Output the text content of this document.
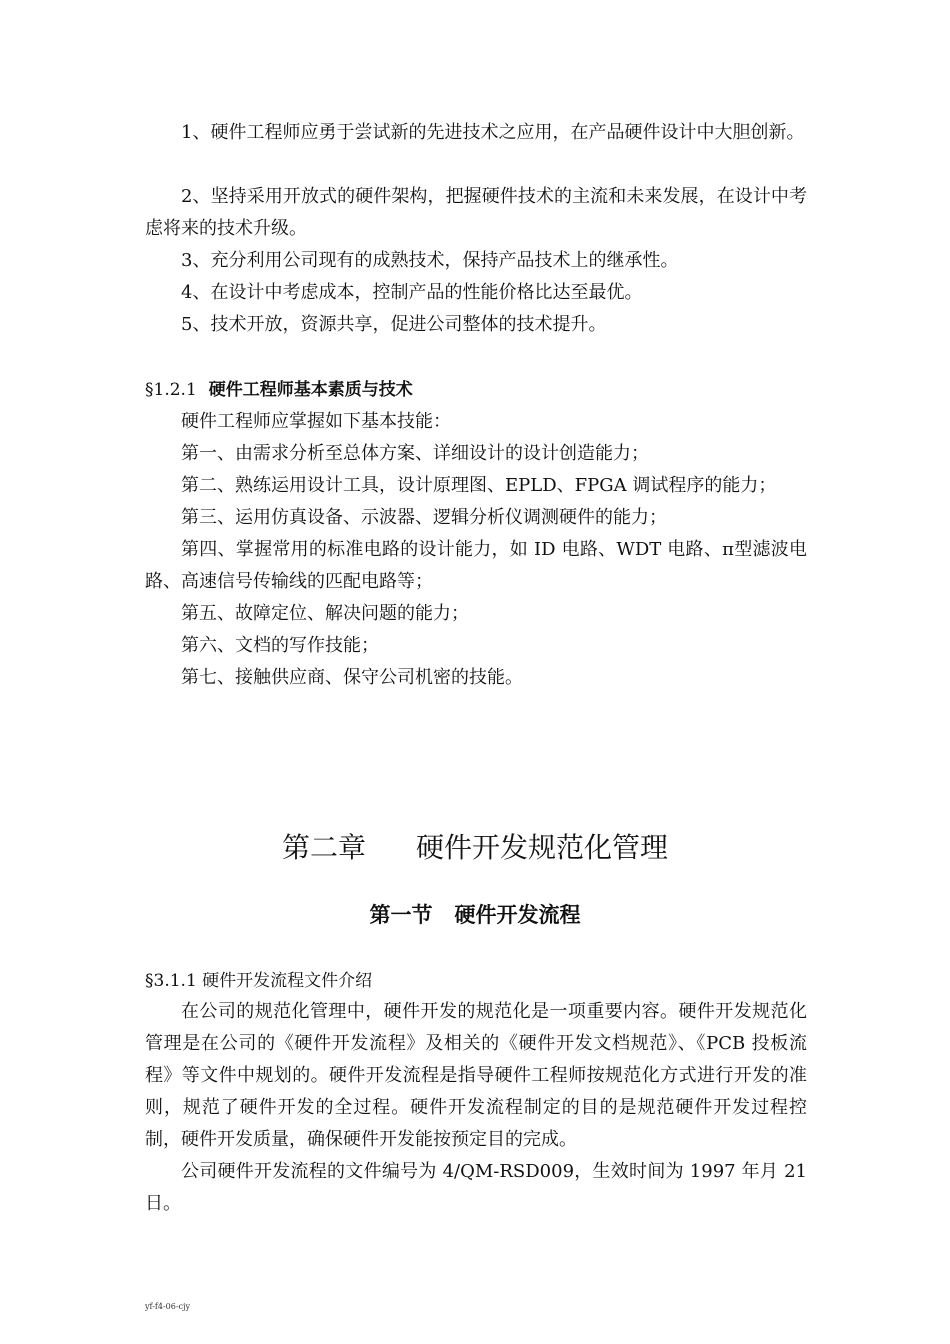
1、硬件工程师应勇于尝试新的先进技术之应用，在产品硬件设计中大胆创新。

2、坚持采用开放式的硬件架构，把握硬件技术的主流和未来发展，在设计中考虑将来的技术升级。

3、充分利用公司现有的成熟技术，保持产品技术上的继承性。

4、在设计中考虑成本，控制产品的性能价格比达至最优。

5、技术开放，资源共享，促进公司整体的技术提升。

§1.2.1 硬件工程师基本素质与技术

硬件工程师应掌握如下基本技能：

第一、由需求分析至总体方案、详细设计的设计创造能力；

第二、熟练运用设计工具，设计原理图、EPLD、FPGA 调试程序的能力；

第三、运用仿真设备、示波器、逻辑分析仪调测硬件的能力；

第四、掌握常用的标准电路的设计能力，如 ID 电路、WDT 电路、π型滤波电路、高速信号传输线的匹配电路等；

第五、故障定位、解决问题的能力；

第六、文档的写作技能；

第七、接触供应商、保守公司机密的技能。

第二章 硬件开发规范化管理
第一节 硬件开发流程
§3.1.1 硬件开发流程文件介绍

在公司的规范化管理中，硬件开发的规范化是一项重要内容。硬件开发规范化管理是在公司的《硬件开发流程》及相关的《硬件开发文档规范》、《PCB 投板流程》等文件中规划的。硬件开发流程是指导硬件工程师按规范化方式进行开发的准则，规范了硬件开发的全过程。硬件开发流程制定的目的是规范硬件开发过程控制，硬件开发质量，确保硬件开发能按预定目的完成。

公司硬件开发流程的文件编号为 4/QM-RSD009，生效时间为 1997 年月 21 日。

yf-f4-06-cjy
